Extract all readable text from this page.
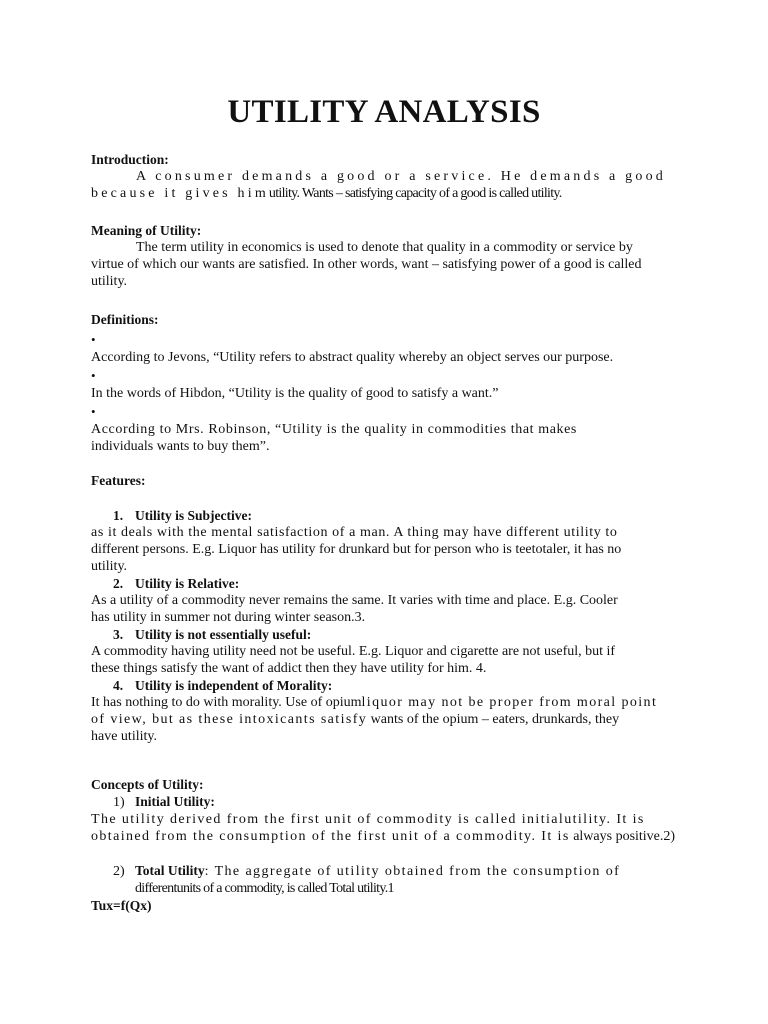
UTILITY ANALYSIS
Introduction:
A consumer demands a good or a service. He demands a good
because it gives himutility. Wants – satisfying capacity of a good is called utility.
Meaning of Utility:
The term utility in economics is used to denote that quality in a commodity or service by
virtue of which our wants are satisfied. In other words, want – satisfying power of a good is called
utility.
Definitions:
•
According to Jevons, “Utility refers to abstract quality whereby an object serves our purpose.
•
In the words of Hibdon, “Utility is the quality of good to satisfy a want.”
•
According to Mrs. Robinson, “Utility is the quality in commodities that makes
individuals wants to buy them”.
Features:
1. Utility is Subjective:
as it deals with the mental satisfaction of a man. A thing may have different utility to
different persons. E.g. Liquor has utility for drunkard but for person who is teetotaler, it has no
utility.
2. Utility is Relative:
As a utility of a commodity never remains the same. It varies with time and place. E.g. Cooler
has utility in summer not during winter season.3.
3. Utility is not essentially useful:
A commodity having utility need not be useful. E.g. Liquor and cigarette are not useful, but if
these things satisfy the want of addict then they have utility for him. 4.
4. Utility is independent of Morality:
It has nothing to do with morality. Use of opiumliquor may not be proper from moral point
of view, but as these intoxicants satisfy wants of the opium – eaters, drunkards, they
have utility.
Concepts of Utility:
1) Initial Utility:
The utility derived from the first unit of commodity is called initialutility. It is
obtained from the consumption of the first unit of a commodity. It is always positive.2)
2) Total Utility: The aggregate of utility obtained from the consumption of
differentunits of a commodity, is called Total utility.1
Tux=f(Qx)
